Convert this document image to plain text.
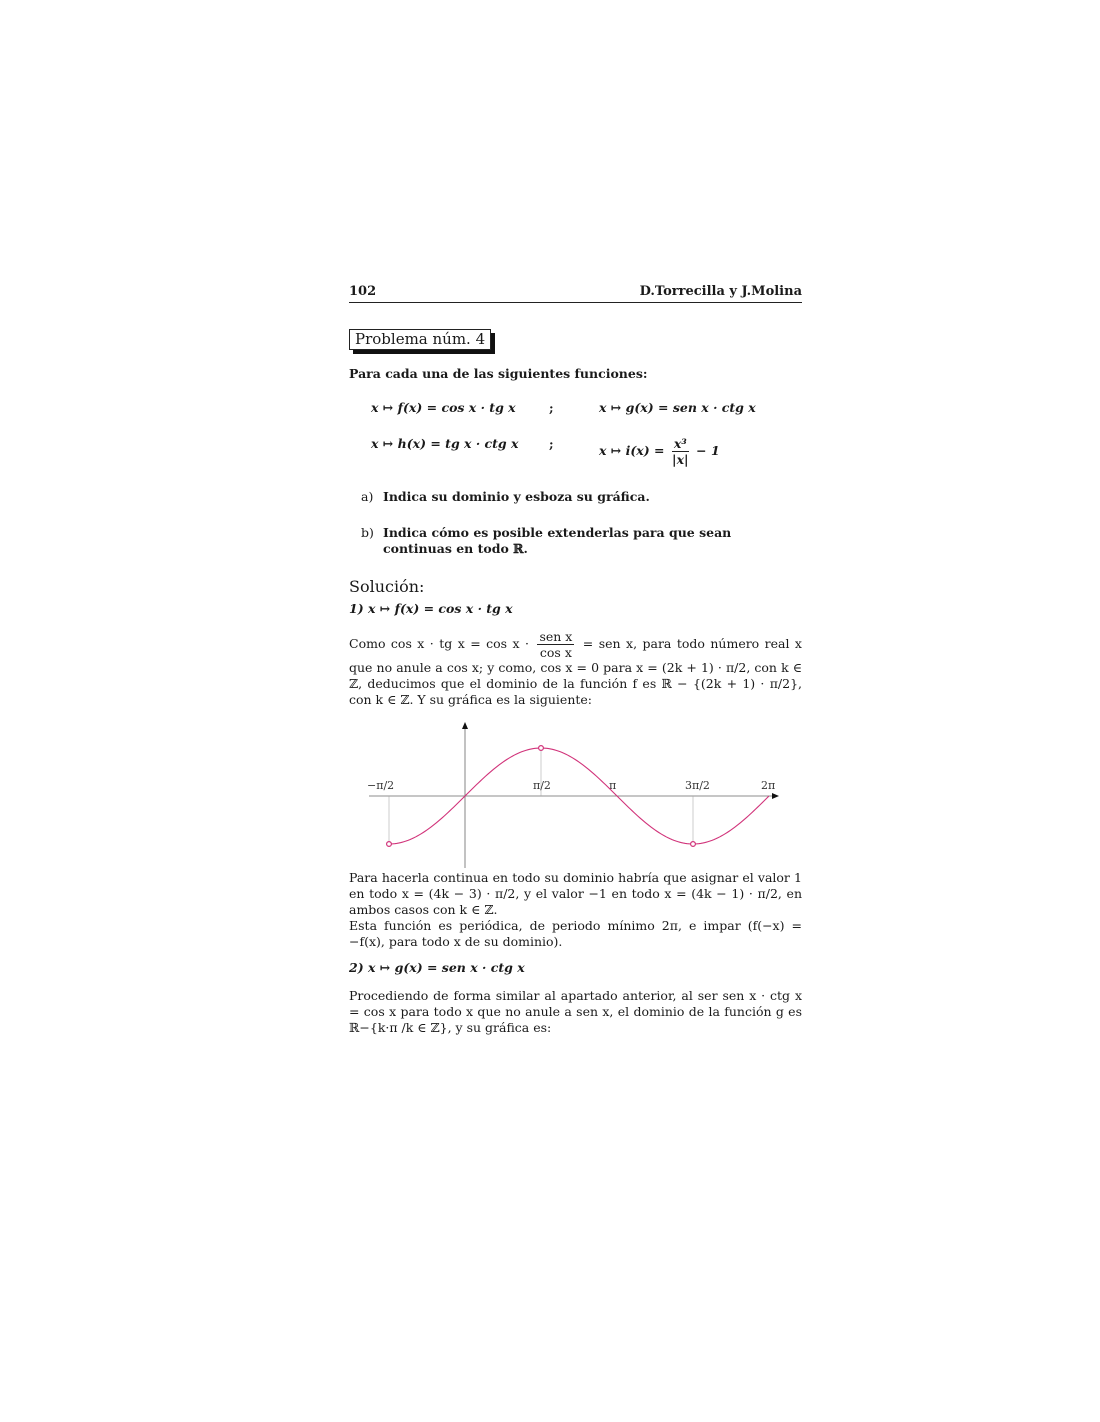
102	D.Torrecilla y J.Molina
Problema núm. 4
Para cada una de las siguientes funciones:
x ↦ f(x) = cos x · tg x	;	x ↦ g(x) = sen x · ctg x
x ↦ h(x) = tg x · ctg x	;	x ↦ $i(x) = \frac{\text{x³}}{|x|} - 1$
a) Indica su dominio y esboza su gráfica.
b) Indica cómo es posible extenderlas para que sean continuas en todo ℝ.
Solución:
1) x ↦ f(x) = cos x · tg x
Como cos x · tg $x = \cos x \cdot \frac{\text{sen x}}{\text{cos x}}$ = sen x, para todo número real x que no anule a cos x; y como, cos x = 0 para x = (2k + 1) · π/2, con k ∈ ℤ, deducimos que el dominio de la función f es ℝ − {(2k + 1) · π/2}, con k ∈ ℤ. Y su gráfica es la siguiente:
−π/2	π/2	π	3π/2	2π
Para hacerla continua en todo su dominio habría que asignar el valor 1 en todo x = (4k − 3) · π/2, y el valor −1 en todo x = (4k − 1) · π/2, en ambos casos con k ∈ ℤ.
Esta función es periódica, de periodo mínimo 2π, e impar (f(−x) = −f(x), para todo x de su dominio).
2) x ↦ g(x) = sen x · ctg x
Procediendo de forma similar al apartado anterior, al ser sen x · ctg x = cos x para todo x que no anule a sen x, el dominio de la función g es ℝ−{k·π /k ∈ ℤ}, y su gráfica es:
